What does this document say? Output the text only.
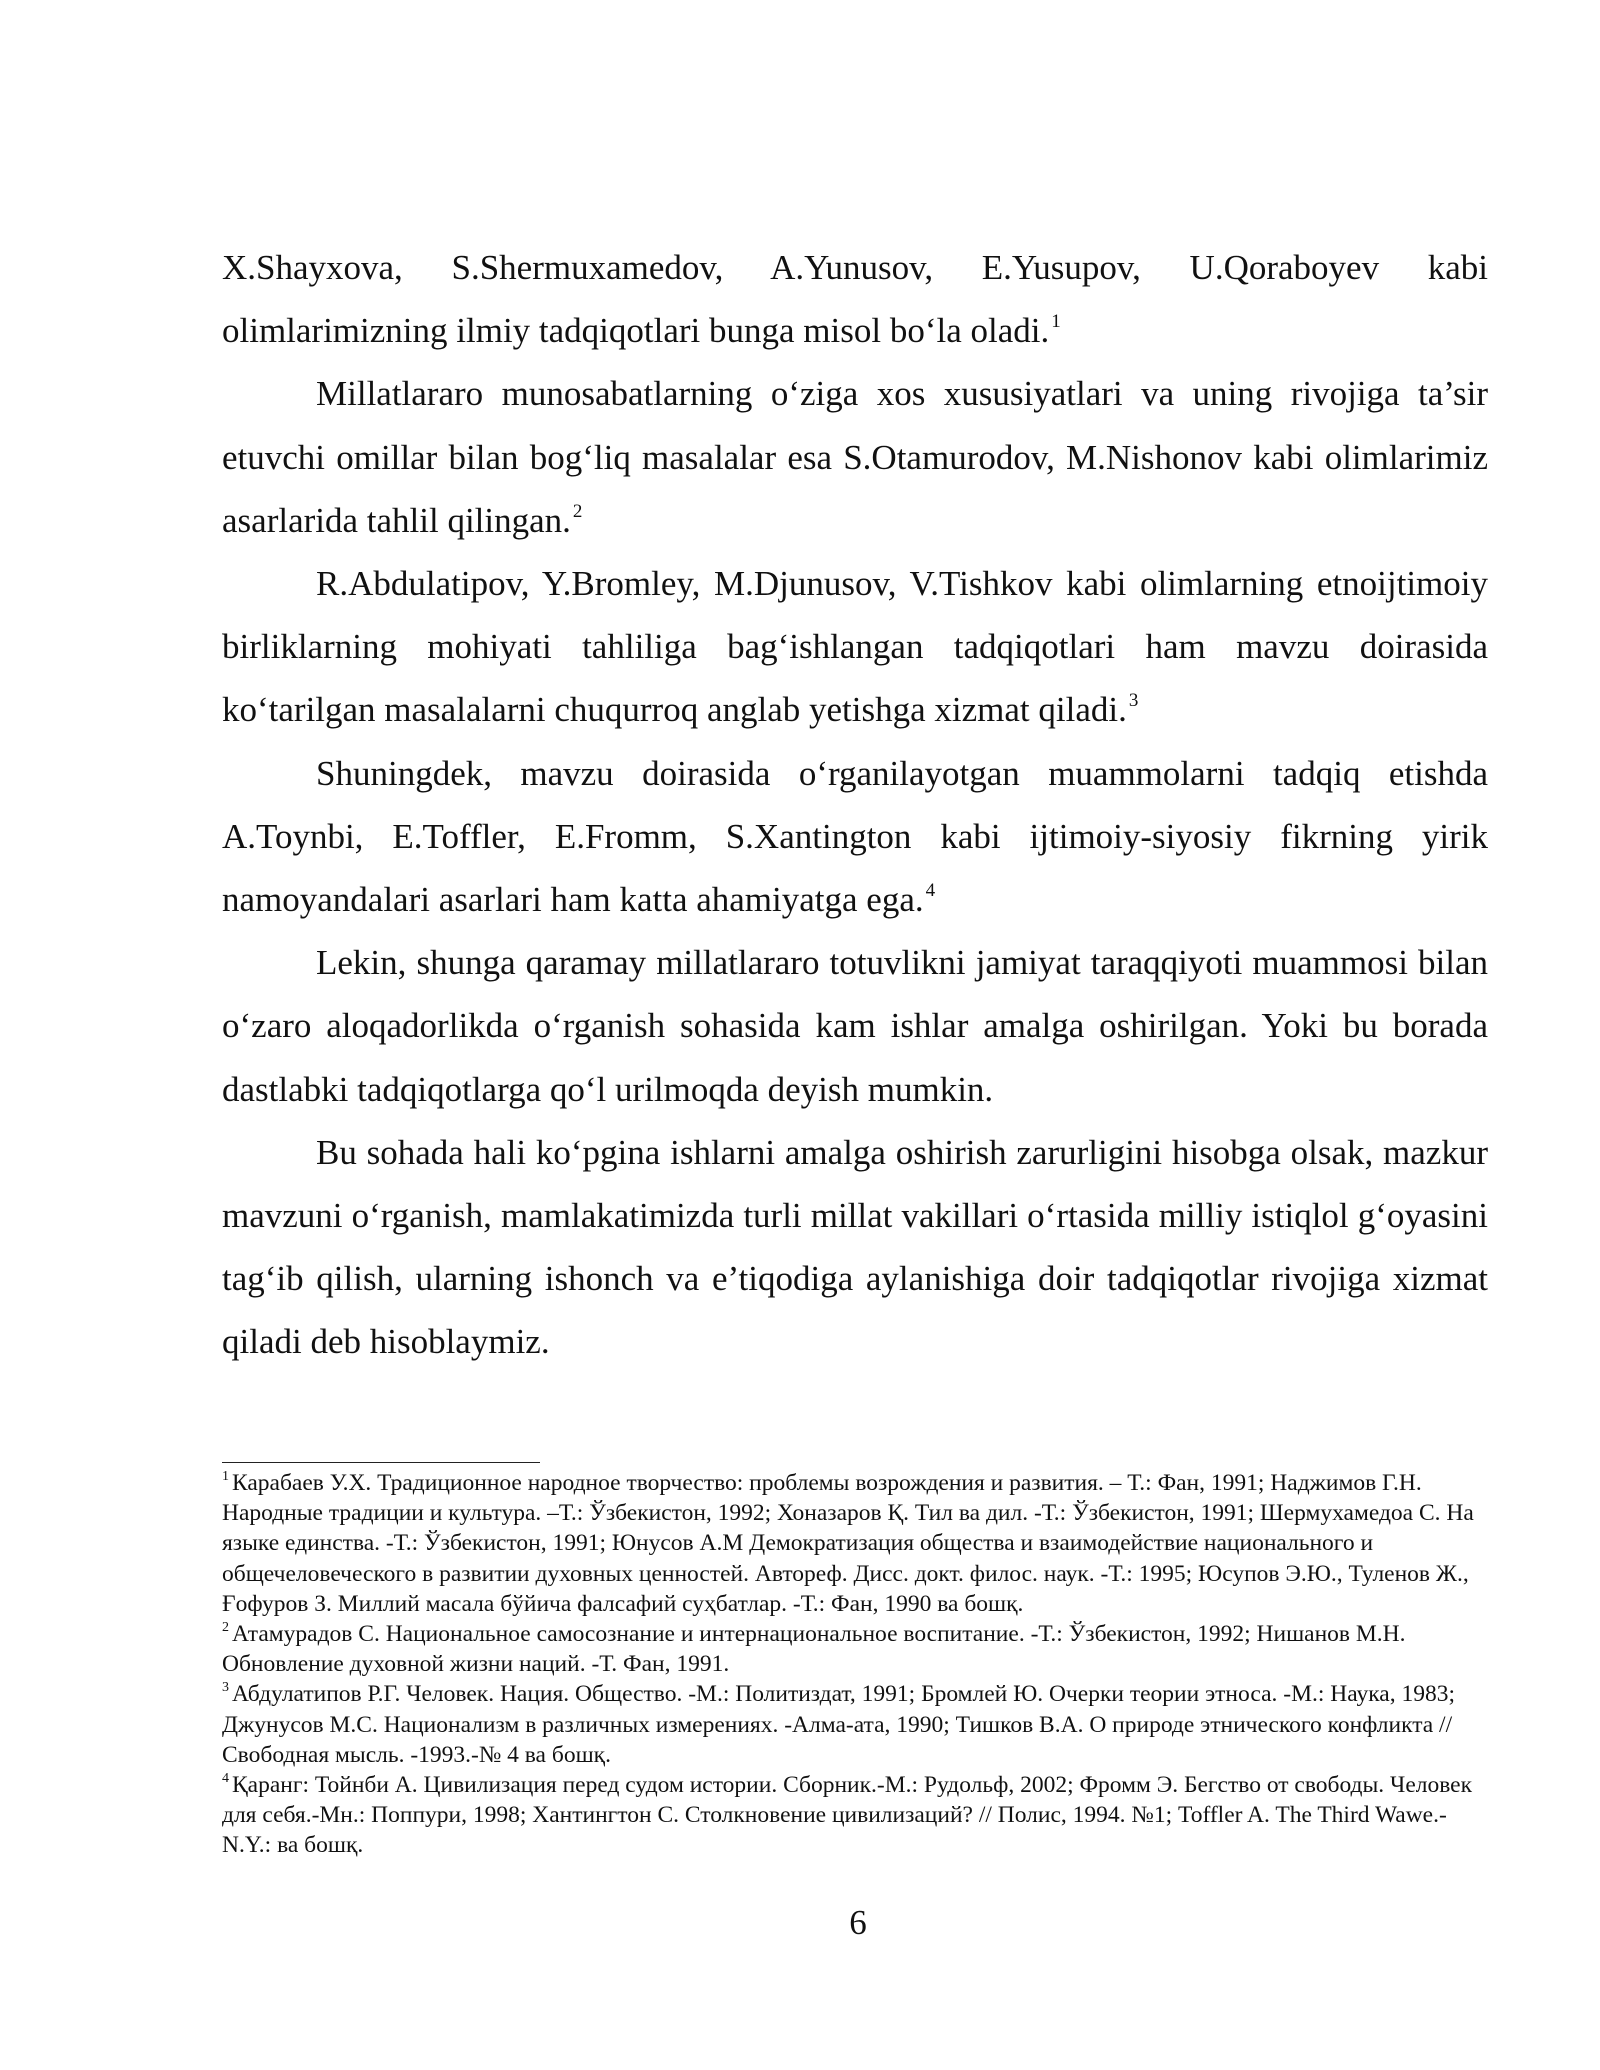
X.Shayxova, S.Shermuxamedov, A.Yunusov, E.Yusupov, U.Qoraboyev kabi olimlarimizning ilmiy tadqiqotlari bunga misol bo‘la oladi. $^1$

Millatlararo munosabatlarning o‘ziga xos xususiyatlari va uning rivojiga ta’sir etuvchi omillar bilan bog‘liq masalalar esa S.Otamurodov, M.Nishonov kabi olimlarimiz asarlarida tahlil qilingan. $^2$

R.Abdulatipov, Y.Bromley, M.Djunusov, V.Tishkov kabi olimlarning etnoijtimoiy birliklarning mohiyati tahliliga bag‘ishlangan tadqiqotlari ham mavzu doirasida ko‘tarilgan masalalarni chuqurroq anglab yetishga xizmat qiladi. $^3$

Shuningdek, mavzu doirasida o‘rganilayotgan muammolarni tadqiq etishda A.Toynbi, E.Toffler, E.Fromm, S.Xantington kabi ijtimoiy-siyosiy fikrning yirik namoyandalari asarlari ham katta ahamiyatga ega. $^4$

Lekin, shunga qaramay millatlararo totuvlikni jamiyat taraqqiyoti muammosi bilan o‘zaro aloqadorlikda o‘rganish sohasida kam ishlar amalga oshirilgan. Yoki bu borada dastlabki tadqiqotlarga qo‘l urilmoqda deyish mumkin.

Bu sohada hali ko‘pgina ishlarni amalga oshirish zarurligini hisobga olsak, mazkur mavzuni o‘rganish, mamlakatimizda turli millat vakillari o‘rtasida milliy istiqlol g‘oyasini tag‘ib qilish, ularning ishonch va e’tiqodiga aylanishiga doir tadqiqotlar rivojiga xizmat qiladi deb hisoblaymiz.

$^1$ Карабаев У.Х. Традиционное народное творчество: проблемы возрождения и развития. – Т.: Фан, 1991; Наджимов Г.Н. Народные традиции и культура. –Т.: Ўзбекистон, 1992; Хоназаров Қ. Тил ва дил. -Т.: Ўзбекистон, 1991; Шермухамедоа С. На языке единства. -Т.: Ўзбекистон, 1991; Юнусов А.М Демократизация общества и взаимодействие национального и общечеловеческого в развитии духовных ценностей. Автореф. Дисс. докт. филос. наук. -Т.: 1995; Юсупов Э.Ю., Туленов Ж., Ғофуров З. Миллий масала бўйича фалсафий суҳбатлар. -Т.: Фан, 1990 ва бошқ.

$^2$ Атамурадов С. Национальное самосознание и интернациональное воспитание. -Т.: Ўзбекистон, 1992; Нишанов М.Н. Обновление духовной жизни наций. -Т. Фан, 1991.

$^3$ Абдулатипов Р.Г. Человек. Нация. Общество. -М.: Политиздат, 1991; Бромлей Ю. Очерки теории этноса. -М.: Наука, 1983; Джунусов М.С. Национализм в различных измерениях. -Алма-ата, 1990; Тишков В.А. О природе этнического конфликта // Свободная мысль. -1993.-№ 4 ва бошқ.

$^4$ Қаранг: Тойнби А. Цивилизация перед судом истории. Сборник.-М.: Рудольф, 2002; Фромм Э. Бегство от свободы. Человек для себя.-Мн.: Поппури, 1998; Хантингтон С. Столкновение цивилизаций? // Полис, 1994. №1; Toffler A. The Third Wawe.-N.Y.: ва бошқ.

6
